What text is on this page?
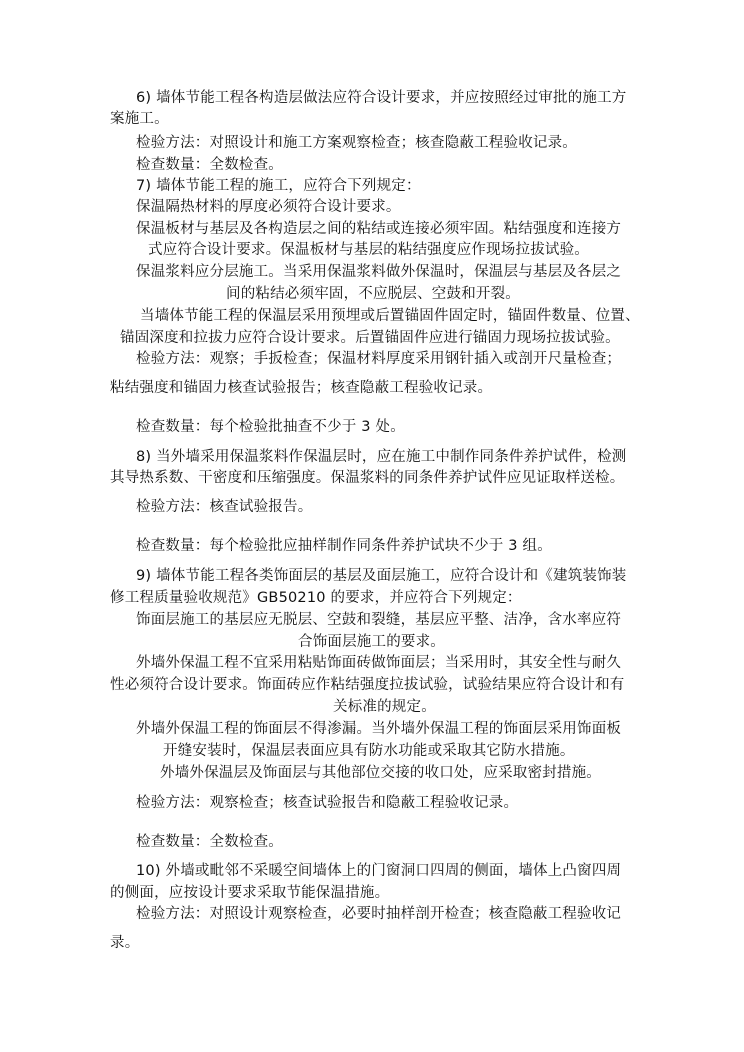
6) 墙体节能工程各构造层做法应符合设计要求，并应按照经过审批的施工方
案施工。
检验方法：对照设计和施工方案观察检查；核查隐蔽工程验收记录。
检查数量：全数检查。
7) 墙体节能工程的施工，应符合下列规定：
保温隔热材料的厚度必须符合设计要求。
保温板材与基层及各构造层之间的粘结或连接必须牢固。粘结强度和连接方
式应符合设计要求。保温板材与基层的粘结强度应作现场拉拔试验。
保温浆料应分层施工。当采用保温浆料做外保温时，保温层与基层及各层之
间的粘结必须牢固，不应脱层、空鼓和开裂。
当墙体节能工程的保温层采用预埋或后置锚固件固定时，锚固件数量、位置、
锚固深度和拉拔力应符合设计要求。后置锚固件应进行锚固力现场拉拔试验。
检验方法：观察；手扳检查；保温材料厚度采用钢针插入或剖开尺量检查；
粘结强度和锚固力核查试验报告；核查隐蔽工程验收记录。
检查数量：每个检验批抽查不少于 3 处。
8) 当外墙采用保温浆料作保温层时，应在施工中制作同条件养护试件，检测
其导热系数、干密度和压缩强度。保温浆料的同条件养护试件应见证取样送检。
检验方法：核查试验报告。
检查数量：每个检验批应抽样制作同条件养护试块不少于 3 组。
9) 墙体节能工程各类饰面层的基层及面层施工，应符合设计和《建筑装饰装
修工程质量验收规范》GB50210 的要求，并应符合下列规定：
饰面层施工的基层应无脱层、空鼓和裂缝，基层应平整、洁净，含水率应符
合饰面层施工的要求。
外墙外保温工程不宜采用粘贴饰面砖做饰面层；当采用时，其安全性与耐久
性必须符合设计要求。饰面砖应作粘结强度拉拔试验，试验结果应符合设计和有
关标准的规定。
外墙外保温工程的饰面层不得渗漏。当外墙外保温工程的饰面层采用饰面板
开缝安装时，保温层表面应具有防水功能或采取其它防水措施。
外墙外保温层及饰面层与其他部位交接的收口处，应采取密封措施。
检验方法：观察检查；核查试验报告和隐蔽工程验收记录。
检查数量：全数检查。
10) 外墙或毗邻不采暖空间墙体上的门窗洞口四周的侧面，墙体上凸窗四周
的侧面，应按设计要求采取节能保温措施。
检验方法：对照设计观察检查，必要时抽样剖开检查；核查隐蔽工程验收记
录。
